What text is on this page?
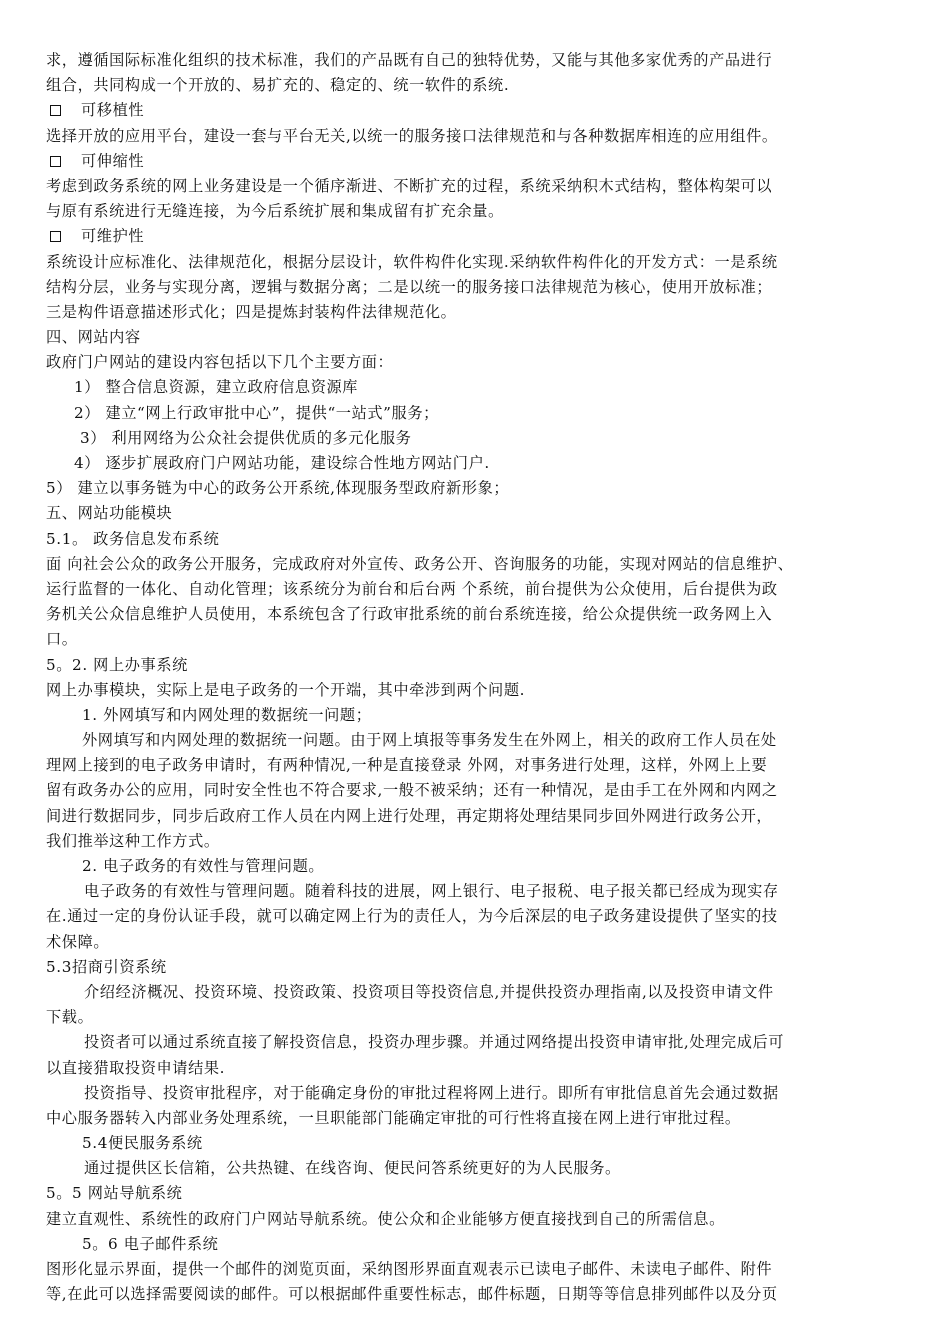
求，遵循国际标准化组织的技术标准，我们的产品既有自己的独特优势，又能与其他多家优秀的产品进行
组合，共同构成一个开放的、易扩充的、稳定的、统一软件的系统.
可移植性
选择开放的应用平台，建设一套与平台无关,以统一的服务接口法律规范和与各种数据库相连的应用组件。
可伸缩性
考虑到政务系统的网上业务建设是一个循序渐进、不断扩充的过程，系统采纳积木式结构，整体构架可以
与原有系统进行无缝连接，为今后系统扩展和集成留有扩充余量。
可维护性
系统设计应标准化、法律规范化，根据分层设计，软件构件化实现.采纳软件构件化的开发方式：一是系统
结构分层，业务与实现分离，逻辑与数据分离；二是以统一的服务接口法律规范为核心，使用开放标准；
三是构件语意描述形式化；四是提炼封装构件法律规范化。
四、网站内容
政府门户网站的建设内容包括以下几个主要方面：
1） 整合信息资源，建立政府信息资源库
2） 建立“网上行政审批中心”，提供“一站式”服务；
3） 利用网络为公众社会提供优质的多元化服务
4） 逐步扩展政府门户网站功能，建设综合性地方网站门户.
5） 建立以事务链为中心的政务公开系统,体现服务型政府新形象；
五、网站功能模块
5.1。 政务信息发布系统
面 向社会公众的政务公开服务，完成政府对外宣传、政务公开、咨询服务的功能，实现对网站的信息维护、
运行监督的一体化、自动化管理；该系统分为前台和后台两 个系统，前台提供为公众使用，后台提供为政
务机关公众信息维护人员使用，本系统包含了行政审批系统的前台系统连接，给公众提供统一政务网上入
口。
5。2. 网上办事系统
网上办事模块，实际上是电子政务的一个开端，其中牵涉到两个问题.
1. 外网填写和内网处理的数据统一问题；
外网填写和内网处理的数据统一问题。由于网上填报等事务发生在外网上，相关的政府工作人员在处
理网上接到的电子政务申请时，有两种情况,一种是直接登录 外网，对事务进行处理，这样，外网上上要
留有政务办公的应用，同时安全性也不符合要求,一般不被采纳；还有一种情况，是由手工在外网和内网之
间进行数据同步，同步后政府工作人员在内网上进行处理，再定期将处理结果同步回外网进行政务公开，
我们推举这种工作方式。
2. 电子政务的有效性与管理问题。
电子政务的有效性与管理问题。随着科技的进展，网上银行、电子报税、电子报关都已经成为现实存
在.通过一定的身份认证手段，就可以确定网上行为的责任人，为今后深层的电子政务建设提供了坚实的技
术保障。
5.3招商引资系统
介绍经济概况、投资环境、投资政策、投资项目等投资信息,并提供投资办理指南,以及投资申请文件
下载。
投资者可以通过系统直接了解投资信息，投资办理步骤。并通过网络提出投资申请审批,处理完成后可
以直接猎取投资申请结果.
投资指导、投资审批程序，对于能确定身份的审批过程将网上进行。即所有审批信息首先会通过数据
中心服务器转入内部业务处理系统，一旦职能部门能确定审批的可行性将直接在网上进行审批过程。
5.4便民服务系统
通过提供区长信箱，公共热键、在线咨询、便民问答系统更好的为人民服务。
5。5 网站导航系统
建立直观性、系统性的政府门户网站导航系统。使公众和企业能够方便直接找到自己的所需信息。
5。6 电子邮件系统
图形化显示界面，提供一个邮件的浏览页面，采纳图形界面直观表示已读电子邮件、未读电子邮件、附件
等,在此可以选择需要阅读的邮件。可以根据邮件重要性标志，邮件标题，日期等等信息排列邮件以及分页
